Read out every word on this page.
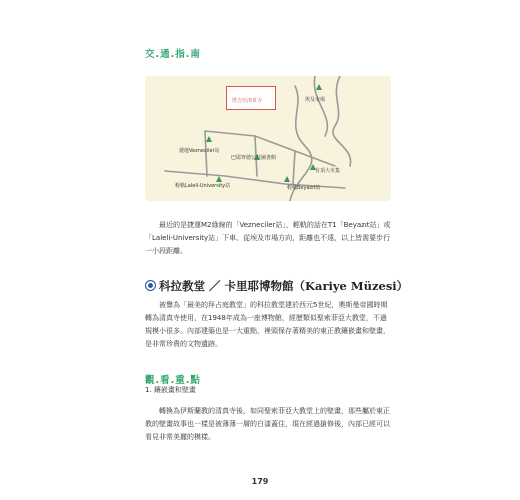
交.通.指.南
塔吉亞清真寺	埃及市場
巴耶齊德公共圖書館
捷運Vezneciler站
有頂大市集
輕軌Laleli-University站	輕軌Beyazıt站
最近的是捷運M2綠線的「Vezneciler站」，輕軌的話在T1「Beyazıt站」或「Laleli-University站」下車。從埃及市場方向，距離也不遠，以上皆需要步行一小段距離。
科拉教堂 ／ 卡里耶博物館（Kariye Müzesi）
被譽為「最美的拜占庭教堂」的科拉教堂建於西元5世紀，奧斯曼帝國時期轉為清真寺使用，在1948年成為一座博物館，經歷類似聖索菲亞大教堂，不過規模小很多。內部建築也是一大重點，裡頭保存著精美的東正教鑲嵌畫和壁畫，是非常珍貴的文物遺跡。
觀.看.重.點
1. 鑲嵌畫和壁畫
轉換為伊斯蘭教的清真寺後，如同聖索菲亞大教堂上的壁畫，那些屬於東正教的壁畫故事也一樣是被薄薄一層的白漆蓋住，現在經過搶修後，內部已經可以看見非常美麗的模樣。
179
